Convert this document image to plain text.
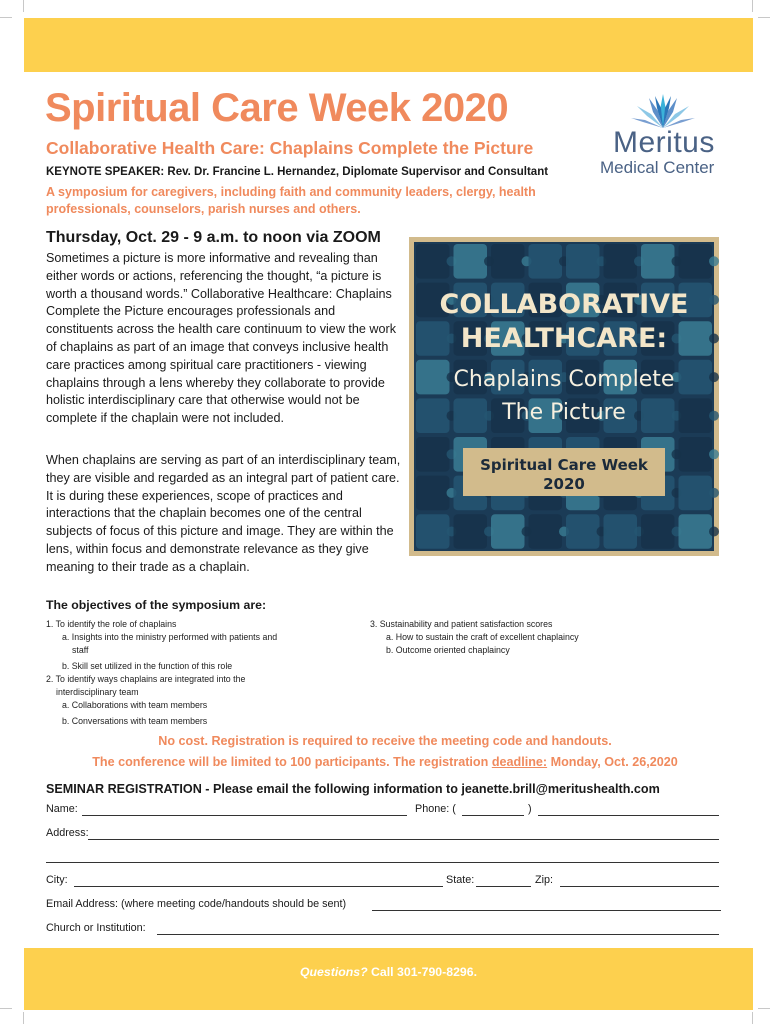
Spiritual Care Week 2020
Collaborative Health Care: Chaplains Complete the Picture
KEYNOTE SPEAKER: Rev. Dr. Francine L. Hernandez, Diplomate Supervisor and Consultant
A symposium for caregivers, including faith and community leaders, clergy, health professionals, counselors, parish nurses and others.
Meritus
Medical Center
Thursday, Oct. 29 - 9 a.m. to noon via ZOOM
Sometimes a picture is more informative and revealing than either words or actions, referencing the thought, “a picture is worth a thousand words.” Collaborative Healthcare: Chaplains Complete the Picture encourages professionals and constituents across the health care continuum to view the work of chaplains as part of an image that conveys inclusive health care practices among spiritual care practitioners - viewing chaplains through a lens whereby they collaborate to provide holistic interdisciplinary care that otherwise would not be complete if the chaplain were not included.
When chaplains are serving as part of an interdisciplinary team, they are visible and regarded as an integral part of patient care. It is during these experiences, scope of practices and interactions that the chaplain becomes one of the central subjects of focus of this picture and image. They are within the lens, within focus and demonstrate relevance as they give meaning to their trade as a chaplain.
COLLABORATIVE
HEALTHCARE:
Chaplains Complete
The Picture
Spiritual Care Week
2020
The objectives of the symposium are:
1. To identify the role of chaplains
a. Insights into the ministry performed with patients and
staff
b. Skill set utilized in the function of this role
2. To identify ways chaplains are integrated into the
interdisciplinary team
a. Collaborations with team members
b. Conversations with team members
3. Sustainability and patient satisfaction scores
a. How to sustain the craft of excellent chaplaincy
b. Outcome oriented chaplaincy
No cost. Registration is required to receive the meeting code and handouts.
The conference will be limited to 100 participants. The registration deadline: Monday, Oct. 26,2020
SEMINAR REGISTRATION - Please email the following information to jeanette.brill@meritushealth.com
Name:	Phone: (	)
Address:
City:	State:	Zip:
Email Address: (where meeting code/handouts should be sent)
Church or Institution:
Questions? Call 301-790-8296.
